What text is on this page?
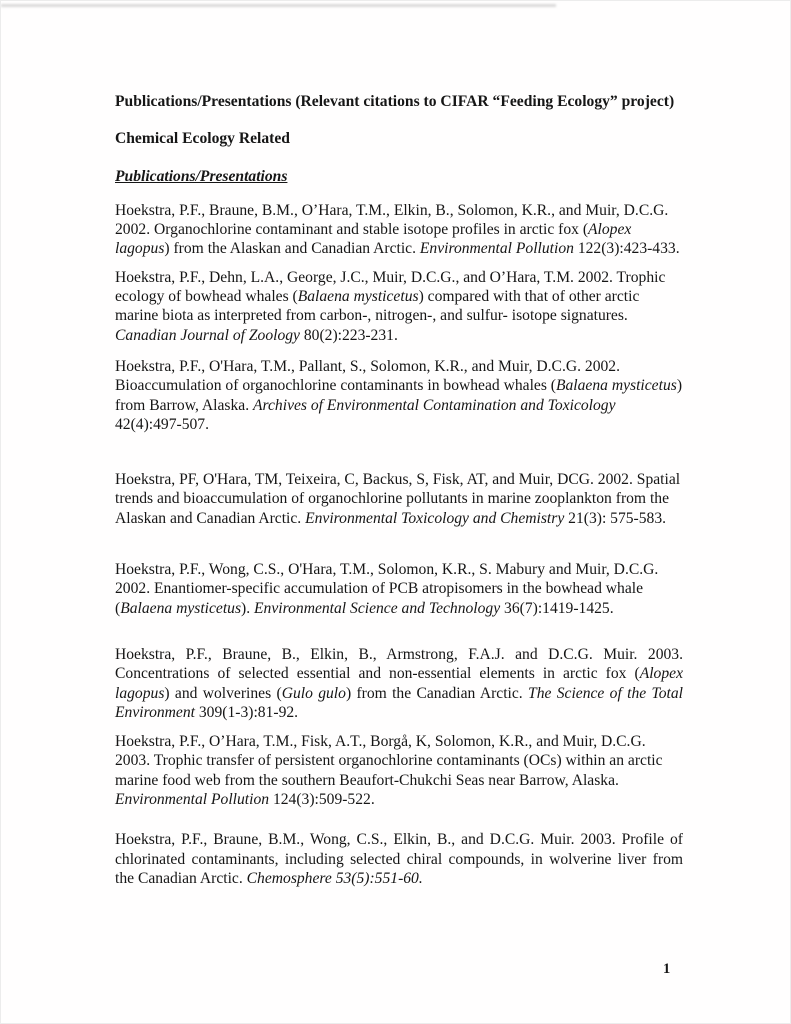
Publications/Presentations (Relevant citations to CIFAR “Feeding Ecology” project)
Chemical Ecology Related
Publications/Presentations

Hoekstra, P.F., Braune, B.M., O’Hara, T.M., Elkin, B., Solomon, K.R., and Muir, D.C.G. 2002. Organochlorine contaminant and stable isotope profiles in arctic fox (Alopex lagopus) from the Alaskan and Canadian Arctic. Environmental Pollution 122(3):423-433.

Hoekstra, P.F., Dehn, L.A., George, J.C., Muir, D.C.G., and O’Hara, T.M. 2002. Trophic ecology of bowhead whales (Balaena mysticetus) compared with that of other arctic marine biota as interpreted from carbon-, nitrogen-, and sulfur- isotope signatures. Canadian Journal of Zoology 80(2):223-231.

Hoekstra, P.F., O'Hara, T.M., Pallant, S., Solomon, K.R., and Muir, D.C.G. 2002. Bioaccumulation of organochlorine contaminants in bowhead whales (Balaena mysticetus) from Barrow, Alaska. Archives of Environmental Contamination and Toxicology 42(4):497-507.

Hoekstra, PF, O'Hara, TM, Teixeira, C, Backus, S, Fisk, AT, and Muir, DCG. 2002. Spatial trends and bioaccumulation of organochlorine pollutants in marine zooplankton from the Alaskan and Canadian Arctic. Environmental Toxicology and Chemistry 21(3): 575-583.

Hoekstra, P.F., Wong, C.S., O'Hara, T.M., Solomon, K.R., S. Mabury and Muir, D.C.G. 2002. Enantiomer-specific accumulation of PCB atropisomers in the bowhead whale (Balaena mysticetus). Environmental Science and Technology 36(7):1419-1425.

Hoekstra, P.F., Braune, B., Elkin, B., Armstrong, F.A.J. and D.C.G. Muir. 2003. Concentrations of selected essential and non-essential elements in arctic fox (Alopex lagopus) and wolverines (Gulo gulo) from the Canadian Arctic. The Science of the Total Environment 309(1-3):81-92.

Hoekstra, P.F., O’Hara, T.M., Fisk, A.T., Borgå, K, Solomon, K.R., and Muir, D.C.G. 2003. Trophic transfer of persistent organochlorine contaminants (OCs) within an arctic marine food web from the southern Beaufort-Chukchi Seas near Barrow, Alaska. Environmental Pollution 124(3):509-522.

Hoekstra, P.F., Braune, B.M., Wong, C.S., Elkin, B., and D.C.G. Muir. 2003. Profile of chlorinated contaminants, including selected chiral compounds, in wolverine liver from the Canadian Arctic. Chemosphere 53(5):551-60.

1
